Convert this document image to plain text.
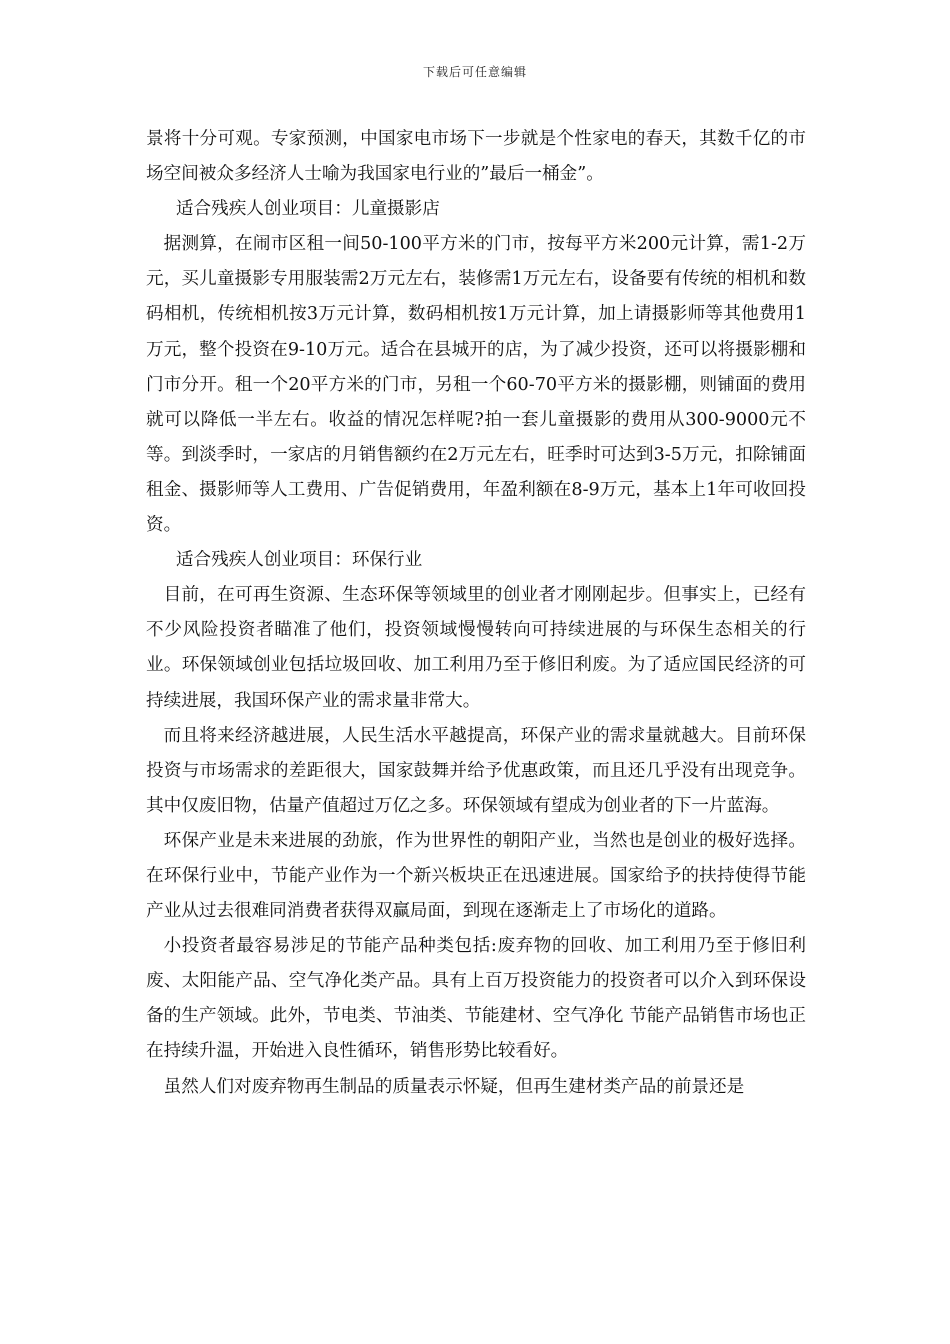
下载后可任意编辑

景将十分可观。专家预测，中国家电市场下一步就是个性家电的春天，其数千亿的市场空间被众多经济人士喻为我国家电行业的”最后一桶金”。

适合残疾人创业项目：儿童摄影店

据测算，在闹市区租一间50-100平方米的门市，按每平方米200元计算，需1-2万元，买儿童摄影专用服装需2万元左右，装修需1万元左右，设备要有传统的相机和数码相机，传统相机按3万元计算，数码相机按1万元计算，加上请摄影师等其他费用1万元，整个投资在9-10万元。适合在县城开的店，为了减少投资，还可以将摄影棚和门市分开。租一个20平方米的门市，另租一个60-70平方米的摄影棚，则铺面的费用就可以降低一半左右。收益的情况怎样呢?拍一套儿童摄影的费用从300-9000元不等。到淡季时，一家店的月销售额约在2万元左右，旺季时可达到3-5万元，扣除铺面租金、摄影师等人工费用、广告促销费用，年盈利额在8-9万元，基本上1年可收回投资。

适合残疾人创业项目：环保行业

目前，在可再生资源、生态环保等领域里的创业者才刚刚起步。但事实上，已经有不少风险投资者瞄准了他们，投资领域慢慢转向可持续进展的与环保生态相关的行业。环保领域创业包括垃圾回收、加工利用乃至于修旧利废。为了适应国民经济的可持续进展，我国环保产业的需求量非常大。

而且将来经济越进展，人民生活水平越提高，环保产业的需求量就越大。目前环保投资与市场需求的差距很大，国家鼓舞并给予优惠政策，而且还几乎没有出现竞争。其中仅废旧物，估量产值超过万亿之多。环保领域有望成为创业者的下一片蓝海。

环保产业是未来进展的劲旅，作为世界性的朝阳产业，当然也是创业的极好选择。在环保行业中，节能产业作为一个新兴板块正在迅速进展。国家给予的扶持使得节能产业从过去很难同消费者获得双赢局面，到现在逐渐走上了市场化的道路。

小投资者最容易涉足的节能产品种类包括:废弃物的回收、加工利用乃至于修旧利废、太阳能产品、空气净化类产品。具有上百万投资能力的投资者可以介入到环保设备的生产领域。此外，节电类、节油类、节能建材、空气净化 节能产品销售市场也正在持续升温，开始进入良性循环，销售形势比较看好。

虽然人们对废弃物再生制品的质量表示怀疑，但再生建材类产品的前景还是
